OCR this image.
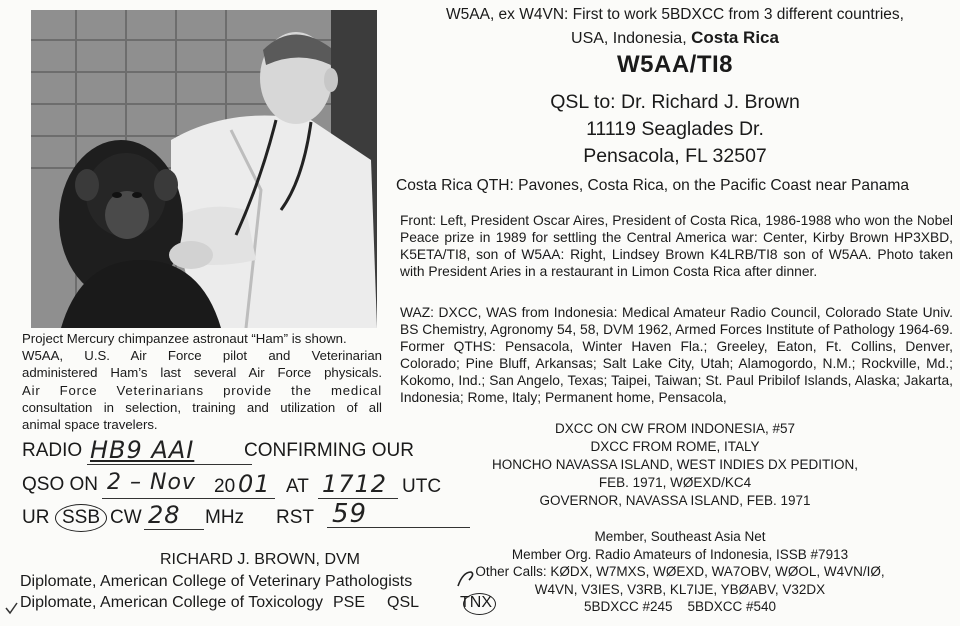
Project Mercury chimpanzee astronaut “Ham” is shown.
W5AA, U.S. Air Force pilot and Veterinarian
administered Ham’s last several Air Force physicals.
Air Force Veterinarians provide the medical
consultation in selection, training and utilization of all
animal space travelers.
W5AA, ex W4VN: First to work 5BDXCC from 3 different countries,
USA, Indonesia, Costa Rica
W5AA/TI8
QSL to: Dr. Richard J. Brown
11119 Seaglades Dr.
Pensacola, FL 32507
Costa Rica QTH: Pavones, Costa Rica, on the Pacific Coast near Panama
Front: Left, President Oscar Aires, President of Costa Rica, 1986-1988 who won the Nobel Peace prize in 1989 for settling the Central America war: Center, Kirby Brown HP3XBD, K5ETA/TI8, son of W5AA: Right, Lindsey Brown K4LRB/TI8 son of W5AA. Photo taken with President Aries in a restaurant in Limon Costa Rica after dinner.
WAZ: DXCC, WAS from Indonesia: Medical Amateur Radio Council, Colorado State Univ. BS Chemistry, Agronomy 54, 58, DVM 1962, Armed Forces Institute of Pathology 1964-69. Former QTHS: Pensacola, Winter Haven Fla.; Greeley, Eaton, Ft. Collins, Denver, Colorado; Pine Bluff, Arkansas; Salt Lake City, Utah; Alamogordo, N.M.; Rockville, Md.; Kokomo, Ind.; San Angelo, Texas; Taipei, Taiwan; St. Paul Pribilof Islands, Alaska; Jakarta, Indonesia; Rome, Italy; Permanent home, Pensacola,
DXCC ON CW FROM INDONESIA, #57
DXCC FROM ROME, ITALY
HONCHO NAVASSA ISLAND, WEST INDIES DX PEDITION,
FEB. 1971, WØEXD/KC4
GOVERNOR, NAVASSA ISLAND, FEB. 1971
Member, Southeast Asia Net
Member Org. Radio Amateurs of Indonesia, ISSB #7913
Other Calls: KØDX, W7MXS, WØEXD, WA7OBV, WØOL, W4VN/IØ,
W4VN, V3IES, V3RB, KL7IJE, YBØABV, V32DX
5BDXCC #245    5BDXCC #540
RADIO HB9 AAI	CONFIRMING OUR
QSO ON 2 – Nov 20 01 AT 1712 UTC
UR SSB CW 28 MHz RST 59
RICHARD J. BROWN, DVM
Diplomate, American College of Veterinary Pathologists
Diplomate, American College of Toxicology PSE QSL	TNX
